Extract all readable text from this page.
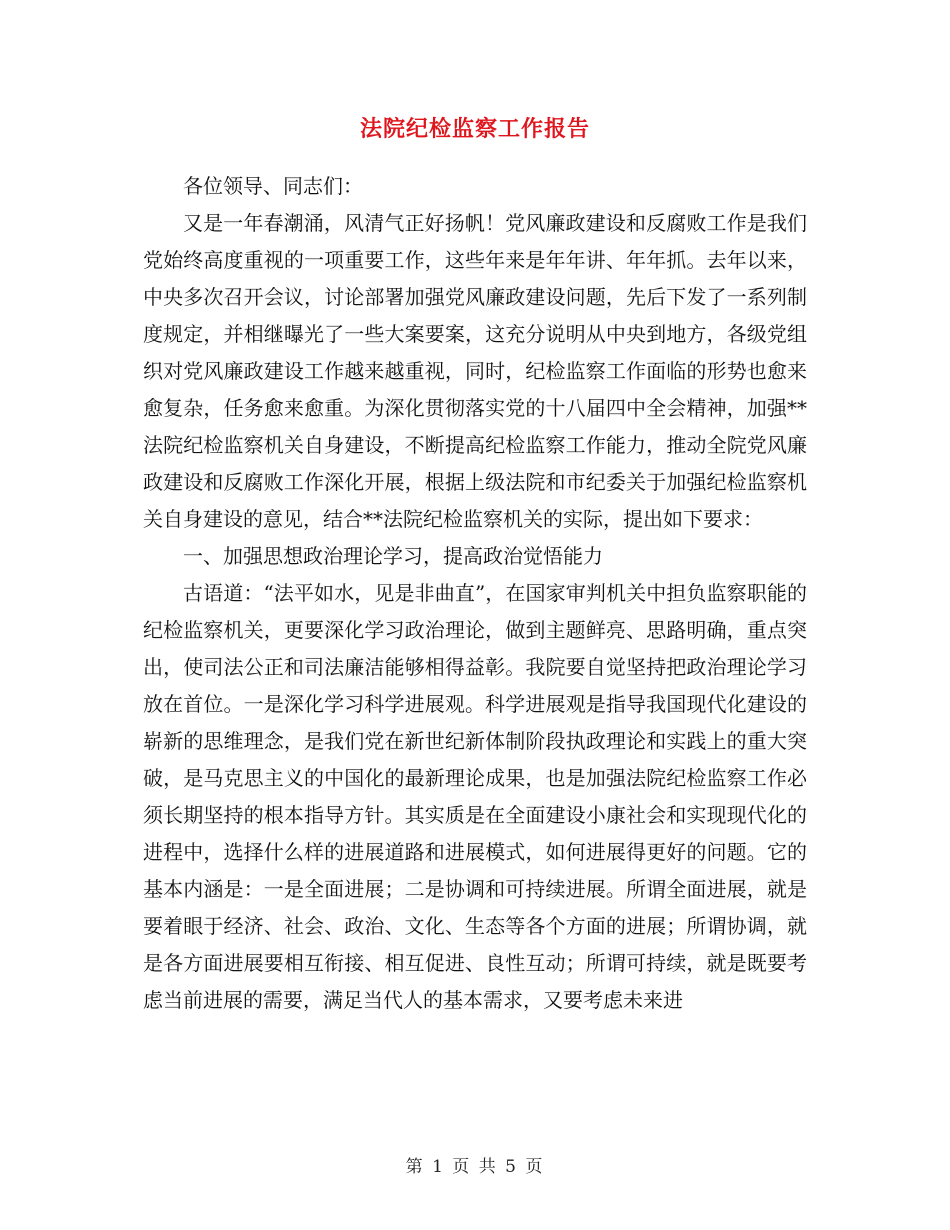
法院纪检监察工作报告

各位领导、同志们：

又是一年春潮涌，风清气正好扬帆！党风廉政建设和反腐败工作是我们党始终高度重视的一项重要工作，这些年来是年年讲、年年抓。去年以来，中央多次召开会议，讨论部署加强党风廉政建设问题，先后下发了一系列制度规定，并相继曝光了一些大案要案，这充分说明从中央到地方，各级党组织对党风廉政建设工作越来越重视，同时，纪检监察工作面临的形势也愈来愈复杂，任务愈来愈重。为深化贯彻落实党的十八届四中全会精神，加强**法院纪检监察机关自身建设，不断提高纪检监察工作能力，推动全院党风廉政建设和反腐败工作深化开展，根据上级法院和市纪委关于加强纪检监察机关自身建设的意见，结合**法院纪检监察机关的实际，提出如下要求：

一、加强思想政治理论学习，提高政治觉悟能力

古语道：“法平如水，见是非曲直”，在国家审判机关中担负监察职能的纪检监察机关，更要深化学习政治理论，做到主题鲜亮、思路明确，重点突出，使司法公正和司法廉洁能够相得益彰。我院要自觉坚持把政治理论学习放在首位。一是深化学习科学进展观。科学进展观是指导我国现代化建设的崭新的思维理念，是我们党在新世纪新体制阶段执政理论和实践上的重大突破，是马克思主义的中国化的最新理论成果，也是加强法院纪检监察工作必须长期坚持的根本指导方针。其实质是在全面建设小康社会和实现现代化的进程中，选择什么样的进展道路和进展模式，如何进展得更好的问题。它的基本内涵是：一是全面进展；二是协调和可持续进展。所谓全面进展，就是要着眼于经济、社会、政治、文化、生态等各个方面的进展；所谓协调，就是各方面进展要相互衔接、相互促进、良性互动；所谓可持续，就是既要考虑当前进展的需要，满足当代人的基本需求，又要考虑未来进

第 1 页 共 5 页
